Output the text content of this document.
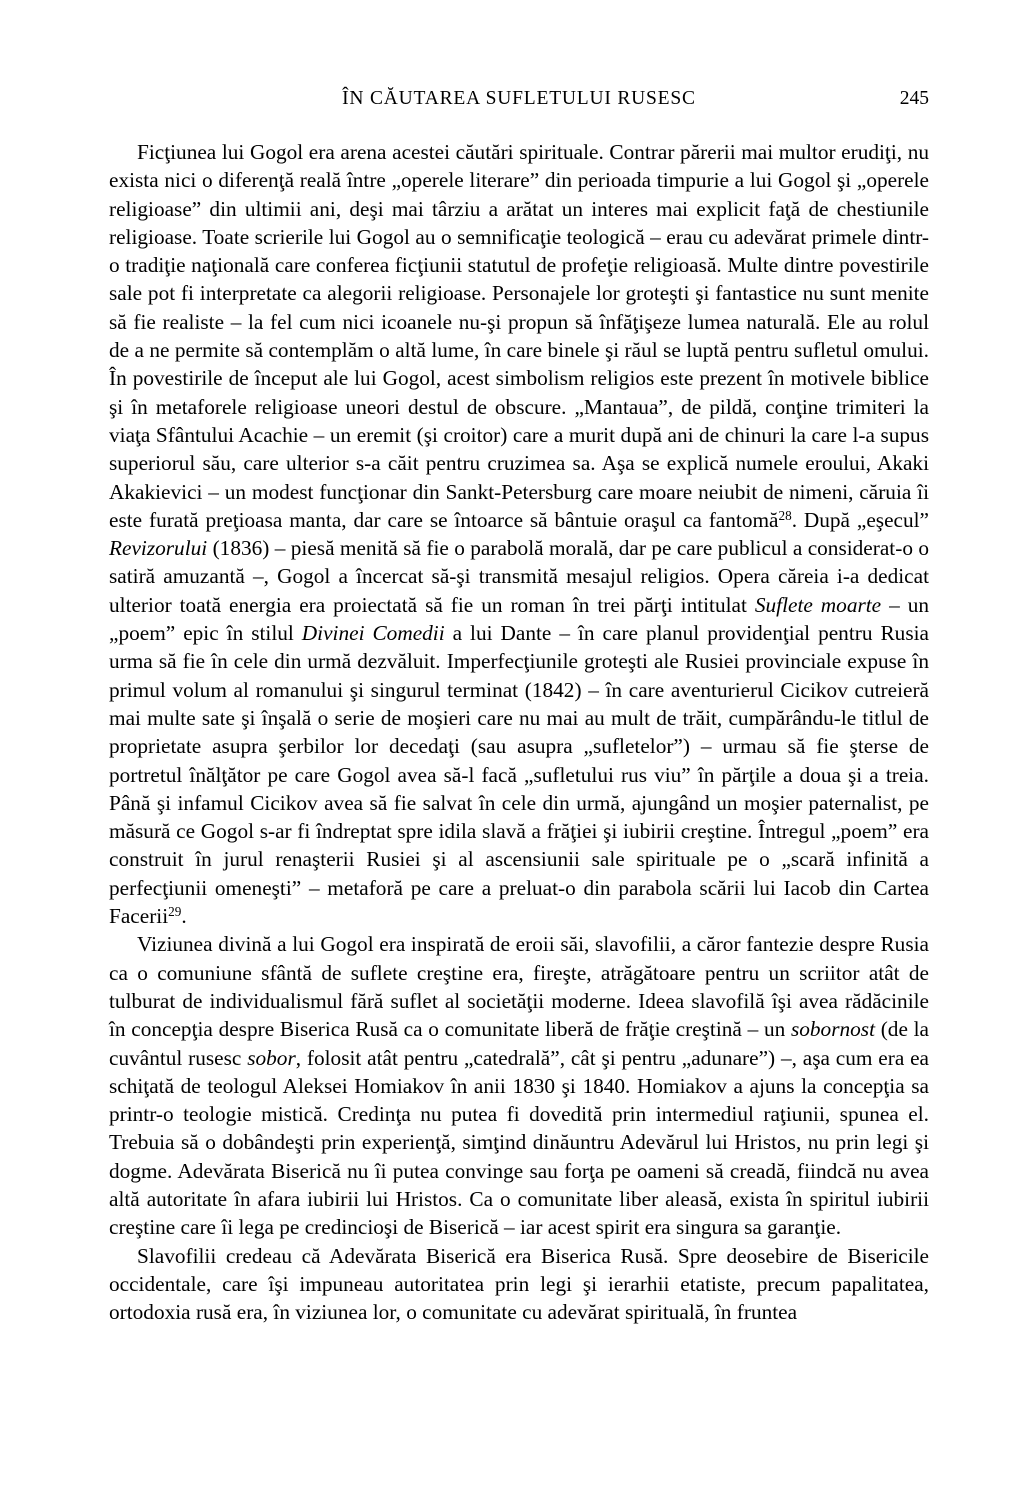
ÎN CĂUTAREA SUFLETULUI RUSESC	245

Ficţiunea lui Gogol era arena acestei căutări spirituale. Contrar părerii mai multor erudiţi, nu exista nici o diferenţă reală între „operele literare” din perioada timpurie a lui Gogol şi „operele religioase” din ultimii ani, deşi mai târziu a arătat un interes mai explicit faţă de chestiunile religioase. Toate scrierile lui Gogol au o semnificaţie teologică – erau cu adevărat primele dintr-o tradiţie naţională care conferea ficţiunii statutul de profeţie religioasă. Multe dintre povestirile sale pot fi interpretate ca alegorii religioase. Personajele lor groteşti şi fantastice nu sunt menite să fie realiste – la fel cum nici icoanele nu-şi propun să înfăţişeze lumea naturală. Ele au rolul de a ne permite să contemplăm o altă lume, în care binele şi răul se luptă pentru sufletul omului. În povestirile de început ale lui Gogol, acest simbolism religios este prezent în motivele biblice şi în metaforele religioase uneori destul de obscure. „Mantaua”, de pildă, conţine trimiteri la viaţa Sfântului Acachie – un eremit (şi croitor) care a murit după ani de chinuri la care l-a supus superiorul său, care ulterior s-a căit pentru cruzimea sa. Aşa se explică numele eroului, Akaki Akakievici – un modest funcţionar din Sankt-Petersburg care moare neiubit de nimeni, căruia îi este furată preţioasa manta, dar care se întoarce să bântuie oraşul ca fantomă$^{28}$. După „eşecul” Revizorului (1836) – piesă menită să fie o parabolă morală, dar pe care publicul a considerat-o o satiră amuzantă –, Gogol a încercat să-şi transmită mesajul religios. Opera căreia i-a dedicat ulterior toată energia era proiectată să fie un roman în trei părţi intitulat Suflete moarte – un „poem” epic în stilul Divinei Comedii a lui Dante – în care planul providenţial pentru Rusia urma să fie în cele din urmă dezvăluit. Imperfecţiunile groteşti ale Rusiei provinciale expuse în primul volum al romanului şi singurul terminat (1842) – în care aventurierul Cicikov cutreieră mai multe sate şi înşală o serie de moşieri care nu mai au mult de trăit, cumpărându-le titlul de proprietate asupra şerbilor lor decedaţi (sau asupra „sufletelor”) – urmau să fie şterse de portretul înălţător pe care Gogol avea să-l facă „sufletului rus viu” în părţile a doua şi a treia. Până şi infamul Cicikov avea să fie salvat în cele din urmă, ajungând un moşier paternalist, pe măsură ce Gogol s-ar fi îndreptat spre idila slavă a frăţiei şi iubirii creştine. Întregul „poem” era construit în jurul renaşterii Rusiei şi al ascensiunii sale spirituale pe o „scară infinită a perfecţiunii omeneşti” – metaforă pe care a preluat-o din parabola scării lui Iacob din Cartea Facerii$^{29}$.

Viziunea divină a lui Gogol era inspirată de eroii săi, slavofilii, a căror fantezie despre Rusia ca o comuniune sfântă de suflete creştine era, fireşte, atrăgătoare pentru un scriitor atât de tulburat de individualismul fără suflet al societăţii moderne. Ideea slavofilă îşi avea rădăcinile în concepţia despre Biserica Rusă ca o comunitate liberă de frăţie creştină – un sobornost (de la cuvântul rusesc sobor, folosit atât pentru „catedrală”, cât şi pentru „adunare”) –, aşa cum era ea schiţată de teologul Aleksei Homiakov în anii 1830 şi 1840. Homiakov a ajuns la concepţia sa printr-o teologie mistică. Credinţa nu putea fi dovedită prin intermediul raţiunii, spunea el. Trebuia să o dobândeşti prin experienţă, simţind dinăuntru Adevărul lui Hristos, nu prin legi şi dogme. Adevărata Biserică nu îi putea convinge sau forţa pe oameni să creadă, fiindcă nu avea altă autoritate în afara iubirii lui Hristos. Ca o comunitate liber aleasă, exista în spiritul iubirii creştine care îi lega pe credincioşi de Biserică – iar acest spirit era singura sa garanţie.

Slavofilii credeau că Adevărata Biserică era Biserica Rusă. Spre deosebire de Bisericile occidentale, care îşi impuneau autoritatea prin legi şi ierarhii etatiste, precum papalitatea, ortodoxia rusă era, în viziunea lor, o comunitate cu adevărat spirituală, în fruntea
